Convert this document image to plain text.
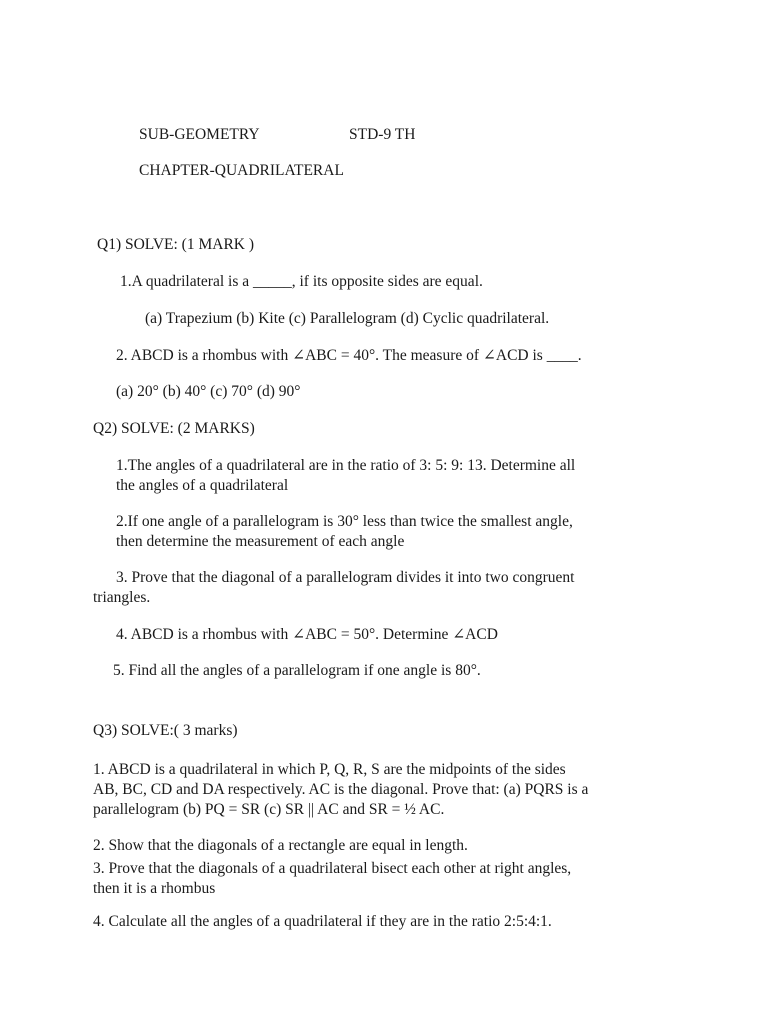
SUB-GEOMETRY	STD-9 TH
CHAPTER-QUADRILATERAL
Q1) SOLVE: (1 MARK )
1.A quadrilateral is a _____, if its opposite sides are equal.
(a) Trapezium (b) Kite (c) Parallelogram (d) Cyclic quadrilateral.
2. ABCD is a rhombus with ∠ABC = 40°. The measure of ∠ACD is ____.
(a) 20° (b) 40° (c) 70° (d) 90°
Q2) SOLVE: (2 MARKS)
1.The angles of a quadrilateral are in the ratio of 3: 5: 9: 13. Determine all
the angles of a quadrilateral
2.If one angle of a parallelogram is 30° less than twice the smallest angle,
then determine the measurement of each angle
3. Prove that the diagonal of a parallelogram divides it into two congruent
triangles.
4. ABCD is a rhombus with ∠ABC = 50°. Determine ∠ACD
5. Find all the angles of a parallelogram if one angle is 80°.
Q3) SOLVE:( 3 marks)
1. ABCD is a quadrilateral in which P, Q, R, S are the midpoints of the sides
AB, BC, CD and DA respectively. AC is the diagonal. Prove that: (a) PQRS is a
parallelogram (b) PQ = SR (c) SR || AC and SR = ½ AC.
2. Show that the diagonals of a rectangle are equal in length.
3. Prove that the diagonals of a quadrilateral bisect each other at right angles,
then it is a rhombus
4. Calculate all the angles of a quadrilateral if they are in the ratio 2:5:4:1.
